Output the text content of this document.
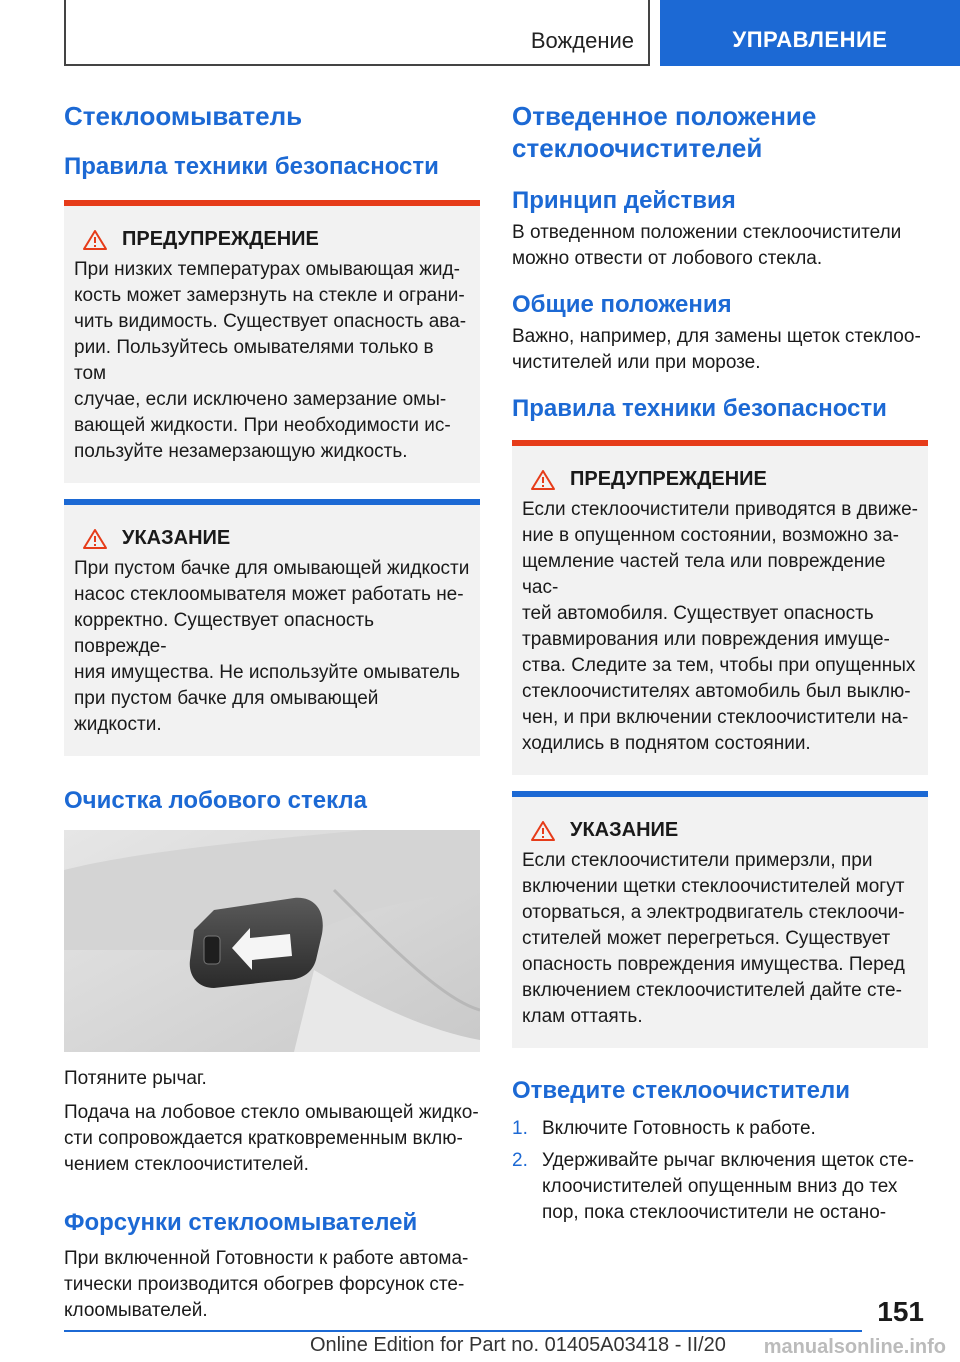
Вождение	УПРАВЛЕНИЕ
Стеклоомыватель
Правила техники безопасности
ПРЕДУПРЕЖДЕНИЕ
При низких температурах омывающая жид-
кость может замерзнуть на стекле и ограни-
чить видимость. Существует опасность ава-
рии. Пользуйтесь омывателями только в том
случае, если исключено замерзание омы-
вающей жидкости. При необходимости ис-
пользуйте незамерзающую жидкость.
УКАЗАНИЕ
При пустом бачке для омывающей жидкости
насос стеклоомывателя может работать не-
корректно. Существует опасность поврежде-
ния имущества. Не используйте омыватель
при пустом бачке для омывающей жидкости.
Очистка лобового стекла

Потяните рычаг.

Подача на лобовое стекло омывающей жидко-
сти сопровождается кратковременным вклю-
чением стеклоочистителей.
Форсунки стеклоомывателей
При включенной Готовности к работе автома-
тически производится обогрев форсунок сте-
клоомывателей.
Отведенное положение
стеклоочистителей
Принцип действия
В отведенном положении стеклоочистители
можно отвести от лобового стекла.
Общие положения
Важно, например, для замены щеток стеклоо-
чистителей или при морозе.
Правила техники безопасности
ПРЕДУПРЕЖДЕНИЕ
Если стеклоочистители приводятся в движе-
ние в опущенном состоянии, возможно за-
щемление частей тела или повреждение час-
тей автомобиля. Существует опасность
травмирования или повреждения имуще-
ства. Следите за тем, чтобы при опущенных
стеклоочистителях автомобиль был выклю-
чен, и при включении стеклоочистители на-
ходились в поднятом состоянии.
УКАЗАНИЕ
Если стеклоочистители примерзли, при
включении щетки стеклоочистителей могут
оторваться, а электродвигатель стеклоочи-
стителей может перегреться. Существует
опасность повреждения имущества. Перед
включением стеклоочистителей дайте сте-
клам оттаять.
Отведите стеклоочистители
1. Включите Готовность к работе.
2. Удерживайте рычаг включения щеток сте-
клоочистителей опущенным вниз до тех
пор, пока стеклоочистители не остано-
151
Online Edition for Part no. 01405A03418 - II/20 manualsonline.info
